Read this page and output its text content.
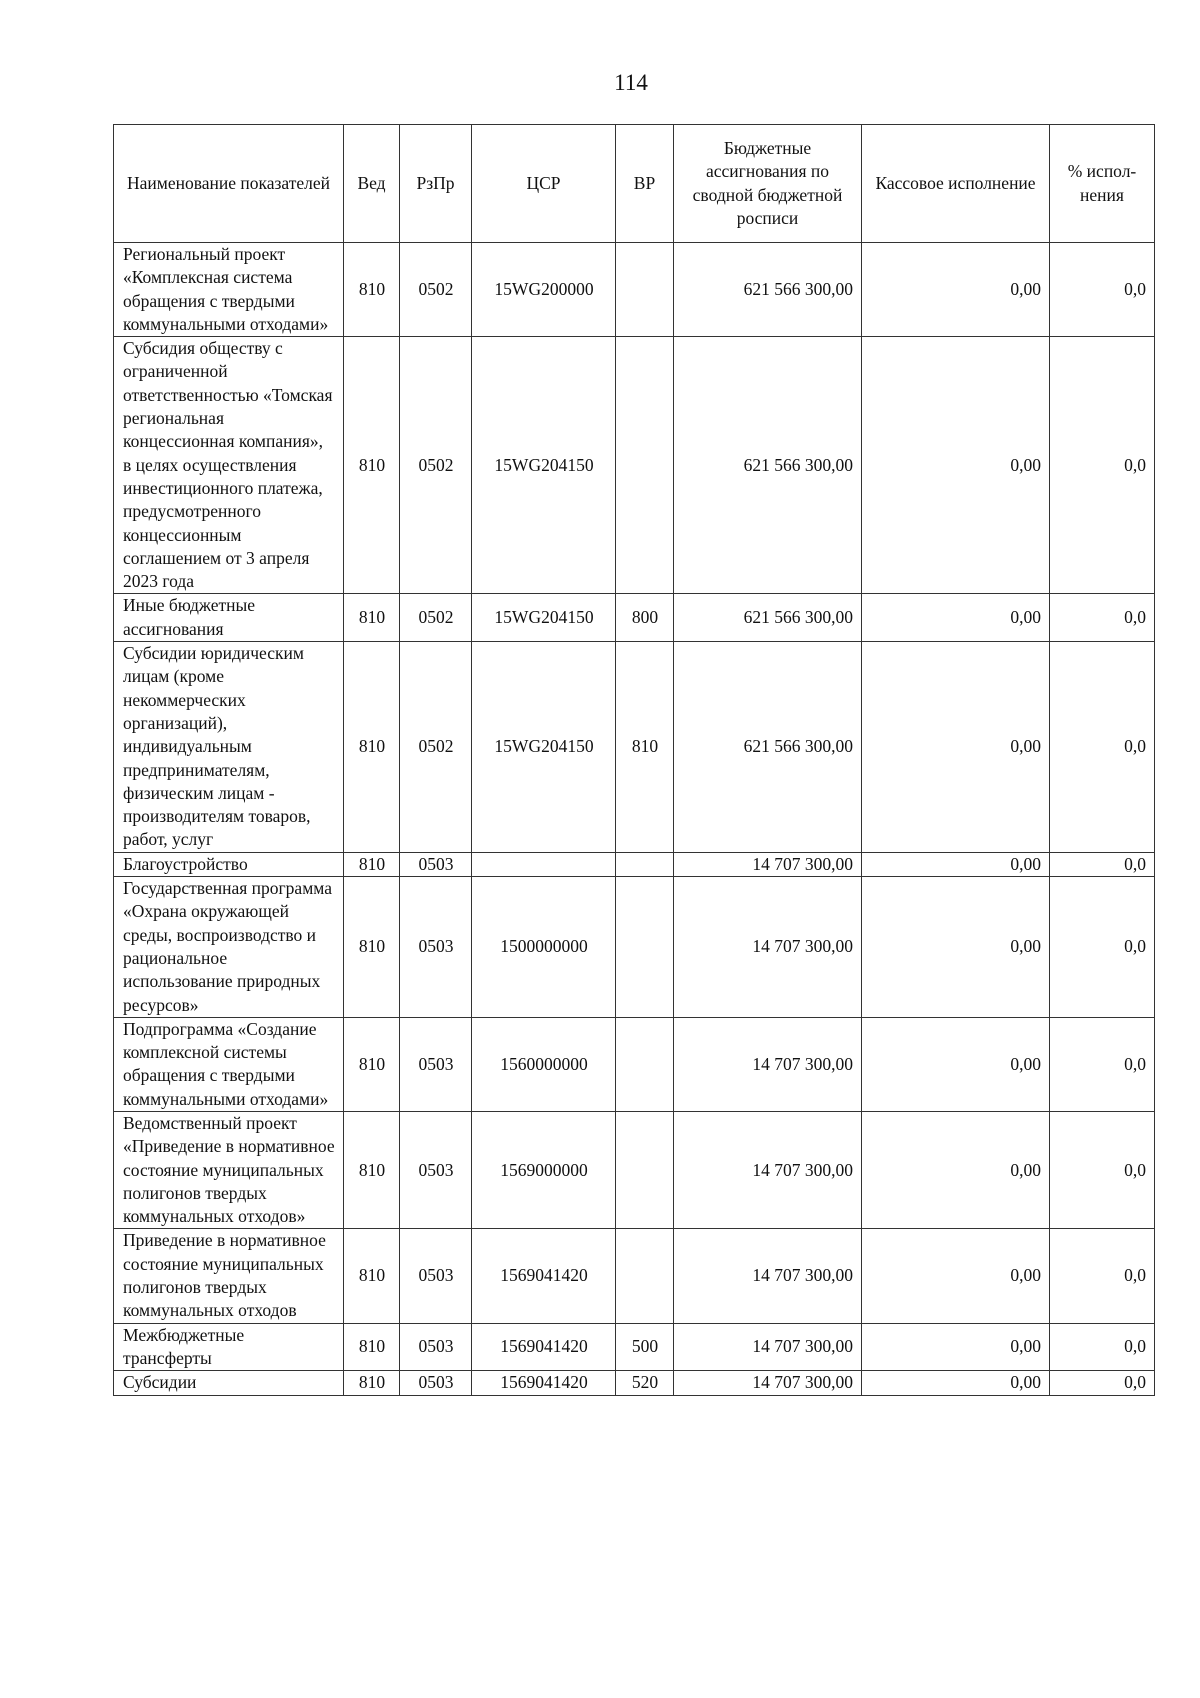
114
Наименование показателей	Вед	РзПр	ЦСР	ВР	Бюджетные ассигнования по сводной бюджетной росписи	Кассовое исполнение	% испол-нения
Региональный проект «Комплексная система обращения с твердыми коммунальными отходами»	810	0502	15WG200000		621 566 300,00	0,00	0,0
Субсидия обществу с ограниченной ответственностью «Томская региональная концессионная компания», в целях осуществления инвестиционного платежа, предусмотренного концессионным соглашением от 3 апреля 2023 года	810	0502	15WG204150		621 566 300,00	0,00	0,0
Иные бюджетные ассигнования	810	0502	15WG204150	800	621 566 300,00	0,00	0,0
Субсидии юридическим лицам (кроме некоммерческих организаций), индивидуальным предпринимателям, физическим лицам - производителям товаров, работ, услуг	810	0502	15WG204150	810	621 566 300,00	0,00	0,0
Благоустройство	810	0503			14 707 300,00	0,00	0,0
Государственная программа «Охрана окружающей среды, воспроизводство и рациональное использование природных ресурсов»	810	0503	1500000000		14 707 300,00	0,00	0,0
Подпрограмма «Создание комплексной системы обращения с твердыми коммунальными отходами»	810	0503	1560000000		14 707 300,00	0,00	0,0
Ведомственный проект «Приведение в нормативное состояние муниципальных полигонов твердых коммунальных отходов»	810	0503	1569000000		14 707 300,00	0,00	0,0
Приведение в нормативное состояние муниципальных полигонов твердых коммунальных отходов	810	0503	1569041420		14 707 300,00	0,00	0,0
Межбюджетные трансферты	810	0503	1569041420	500	14 707 300,00	0,00	0,0
Субсидии	810	0503	1569041420	520	14 707 300,00	0,00	0,0
